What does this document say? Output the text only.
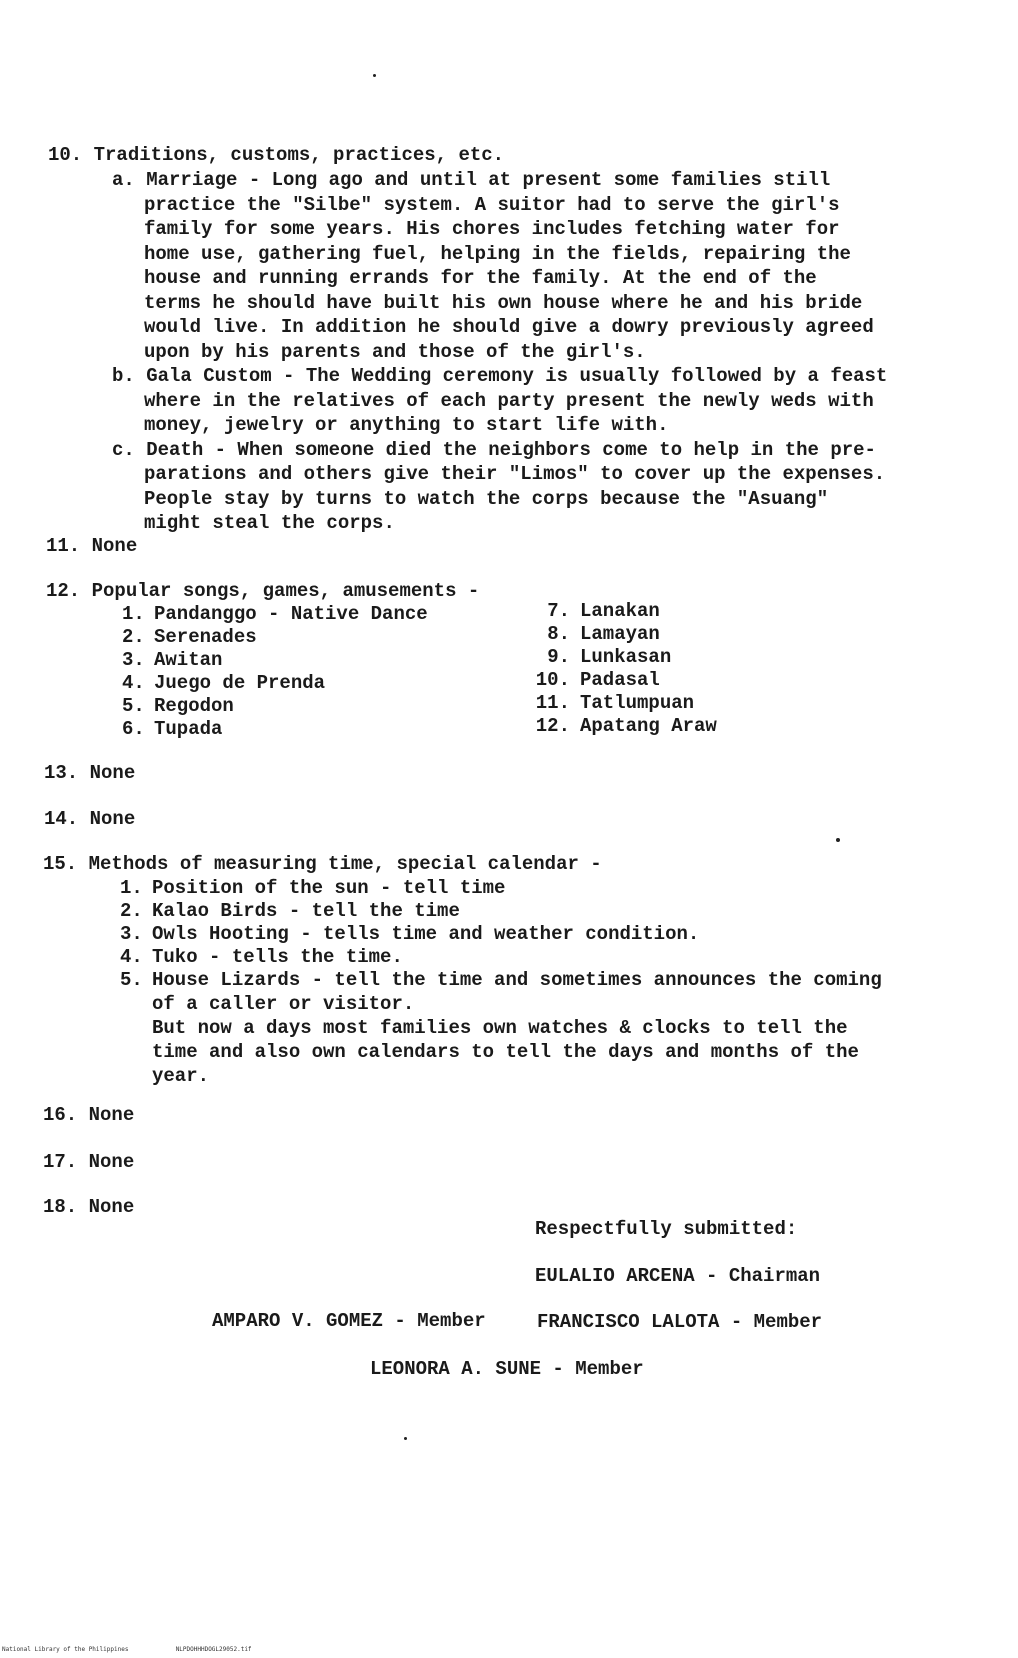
10. Traditions, customs, practices, etc.
a. Marriage - Long ago and until at present some families still
practice the "Silbe" system. A suitor had to serve the girl's
family for some years. His chores includes fetching water for
home use, gathering fuel, helping in the fields, repairing the
house and running errands for the family. At the end of the
terms he should have built his own house where he and his bride
would live. In addition he should give a dowry previously agreed
upon by his parents and those of the girl's.
b. Gala Custom - The Wedding ceremony is usually followed by a feast
where in the relatives of each party present the newly weds with
money, jewelry or anything to start life with.
c. Death - When someone died the neighbors come to help in the pre-
parations and others give their "Limos" to cover up the expenses.
People stay by turns to watch the corps because the "Asuang"
might steal the corps.
11. None
12. Popular songs, games, amusements -
1. Pandanggo - Native Dance
2. Serenades
3. Awitan
4. Juego de Prenda
5. Regodon
6. Tupada
7. Lanakan
8. Lamayan
9. Lunkasan
10. Padasal
11. Tatlumpuan
12. Apatang Araw
13. None
14. None
15. Methods of measuring time, special calendar -
1. Position of the sun - tell time
2. Kalao Birds - tell the time
3. Owls Hooting - tells time and weather condition.
4. Tuko - tells the time.
5. House Lizards - tell the time and sometimes announces the coming
of a caller or visitor.
But now a days most families own watches & clocks to tell the
time and also own calendars to tell the days and months of the
year.
16. None
17. None
18. None
Respectfully submitted:
EULALIO ARCENA - Chairman
AMPARO V. GOMEZ - Member	FRANCISCO LALOTA - Member
LEONORA A. SUNE - Member
National Library of the Philippines	NLPDOHHHDOGL29052.tif
